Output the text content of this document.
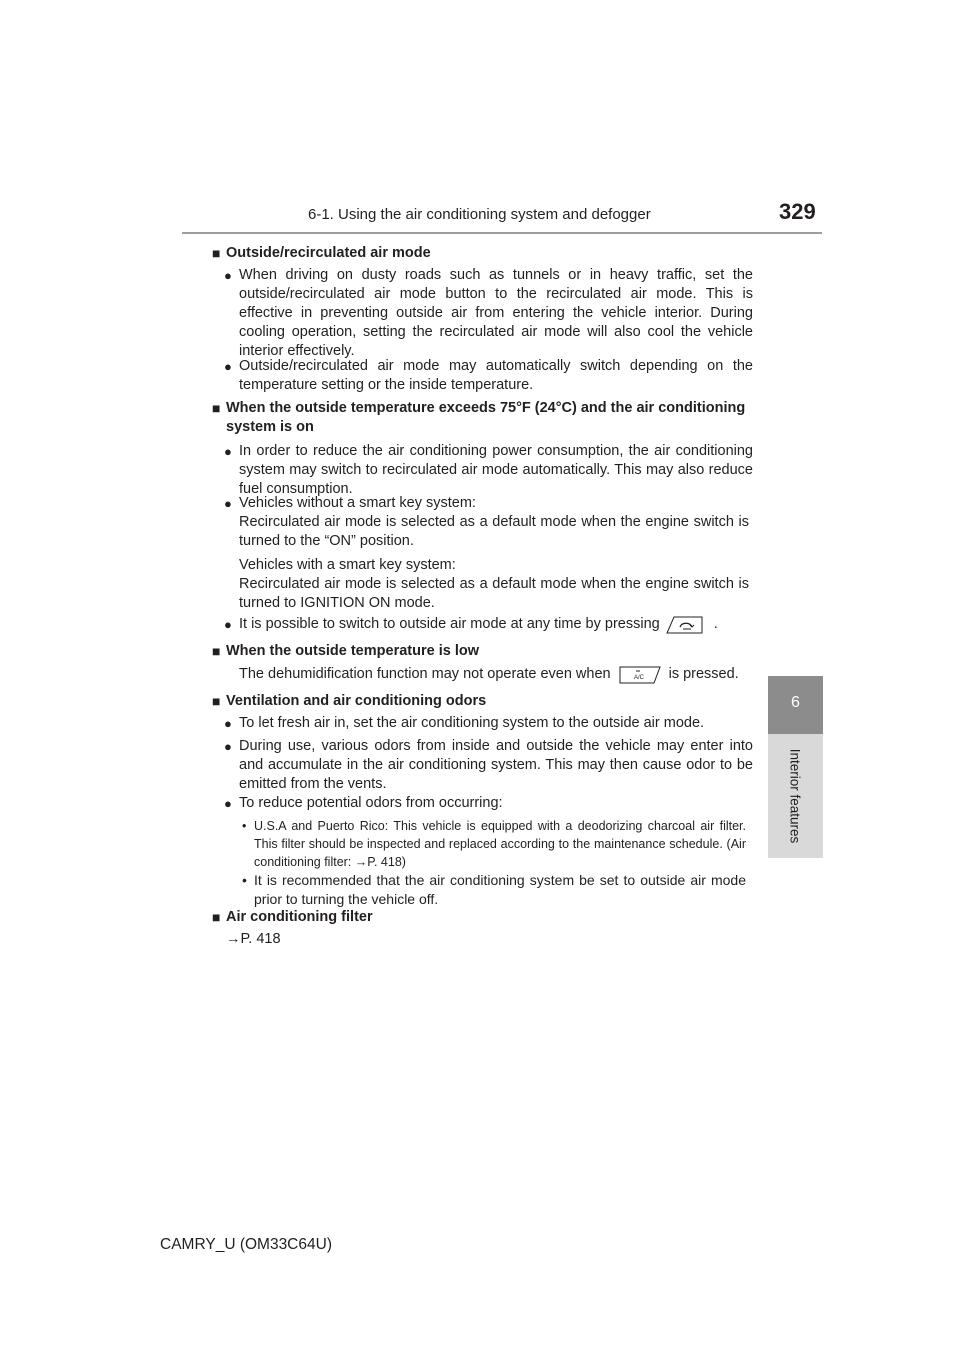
6-1. Using the air conditioning system and defogger	329
6
Interior features
■ Outside/recirculated air mode
● When driving on dusty roads such as tunnels or in heavy traffic, set the outside/recirculated air mode button to the recirculated air mode. This is effective in preventing outside air from entering the vehicle interior. During cooling operation, setting the recirculated air mode will also cool the vehicle interior effectively.
● Outside/recirculated air mode may automatically switch depending on the temperature setting or the inside temperature.
■ When the outside temperature exceeds 75°F (24°C) and the air conditioning system is on
● In order to reduce the air conditioning power consumption, the air conditioning system may switch to recirculated air mode automatically. This may also reduce fuel consumption.
● Vehicles without a smart key system:
Recirculated air mode is selected as a default mode when the engine switch is turned to the “ON” position.
Vehicles with a smart key system:
Recirculated air mode is selected as a default mode when the engine switch is turned to IGNITION ON mode.
● It is possible to switch to outside air mode at any time by pressing	.
■ When the outside temperature is low
The dehumidification function may not operate even when	A/C is pressed.
■ Ventilation and air conditioning odors
● To let fresh air in, set the air conditioning system to the outside air mode.
● During use, various odors from inside and outside the vehicle may enter into and accumulate in the air conditioning system. This may then cause odor to be emitted from the vents.
● To reduce potential odors from occurring:
• U.S.A and Puerto Rico: This vehicle is equipped with a deodorizing charcoal air filter. This filter should be inspected and replaced according to the maintenance schedule. (Air conditioning filter: →P. 418)
• It is recommended that the air conditioning system be set to outside air mode prior to turning the vehicle off.
■ Air conditioning filter
→P. 418
CAMRY_U (OM33C64U)
